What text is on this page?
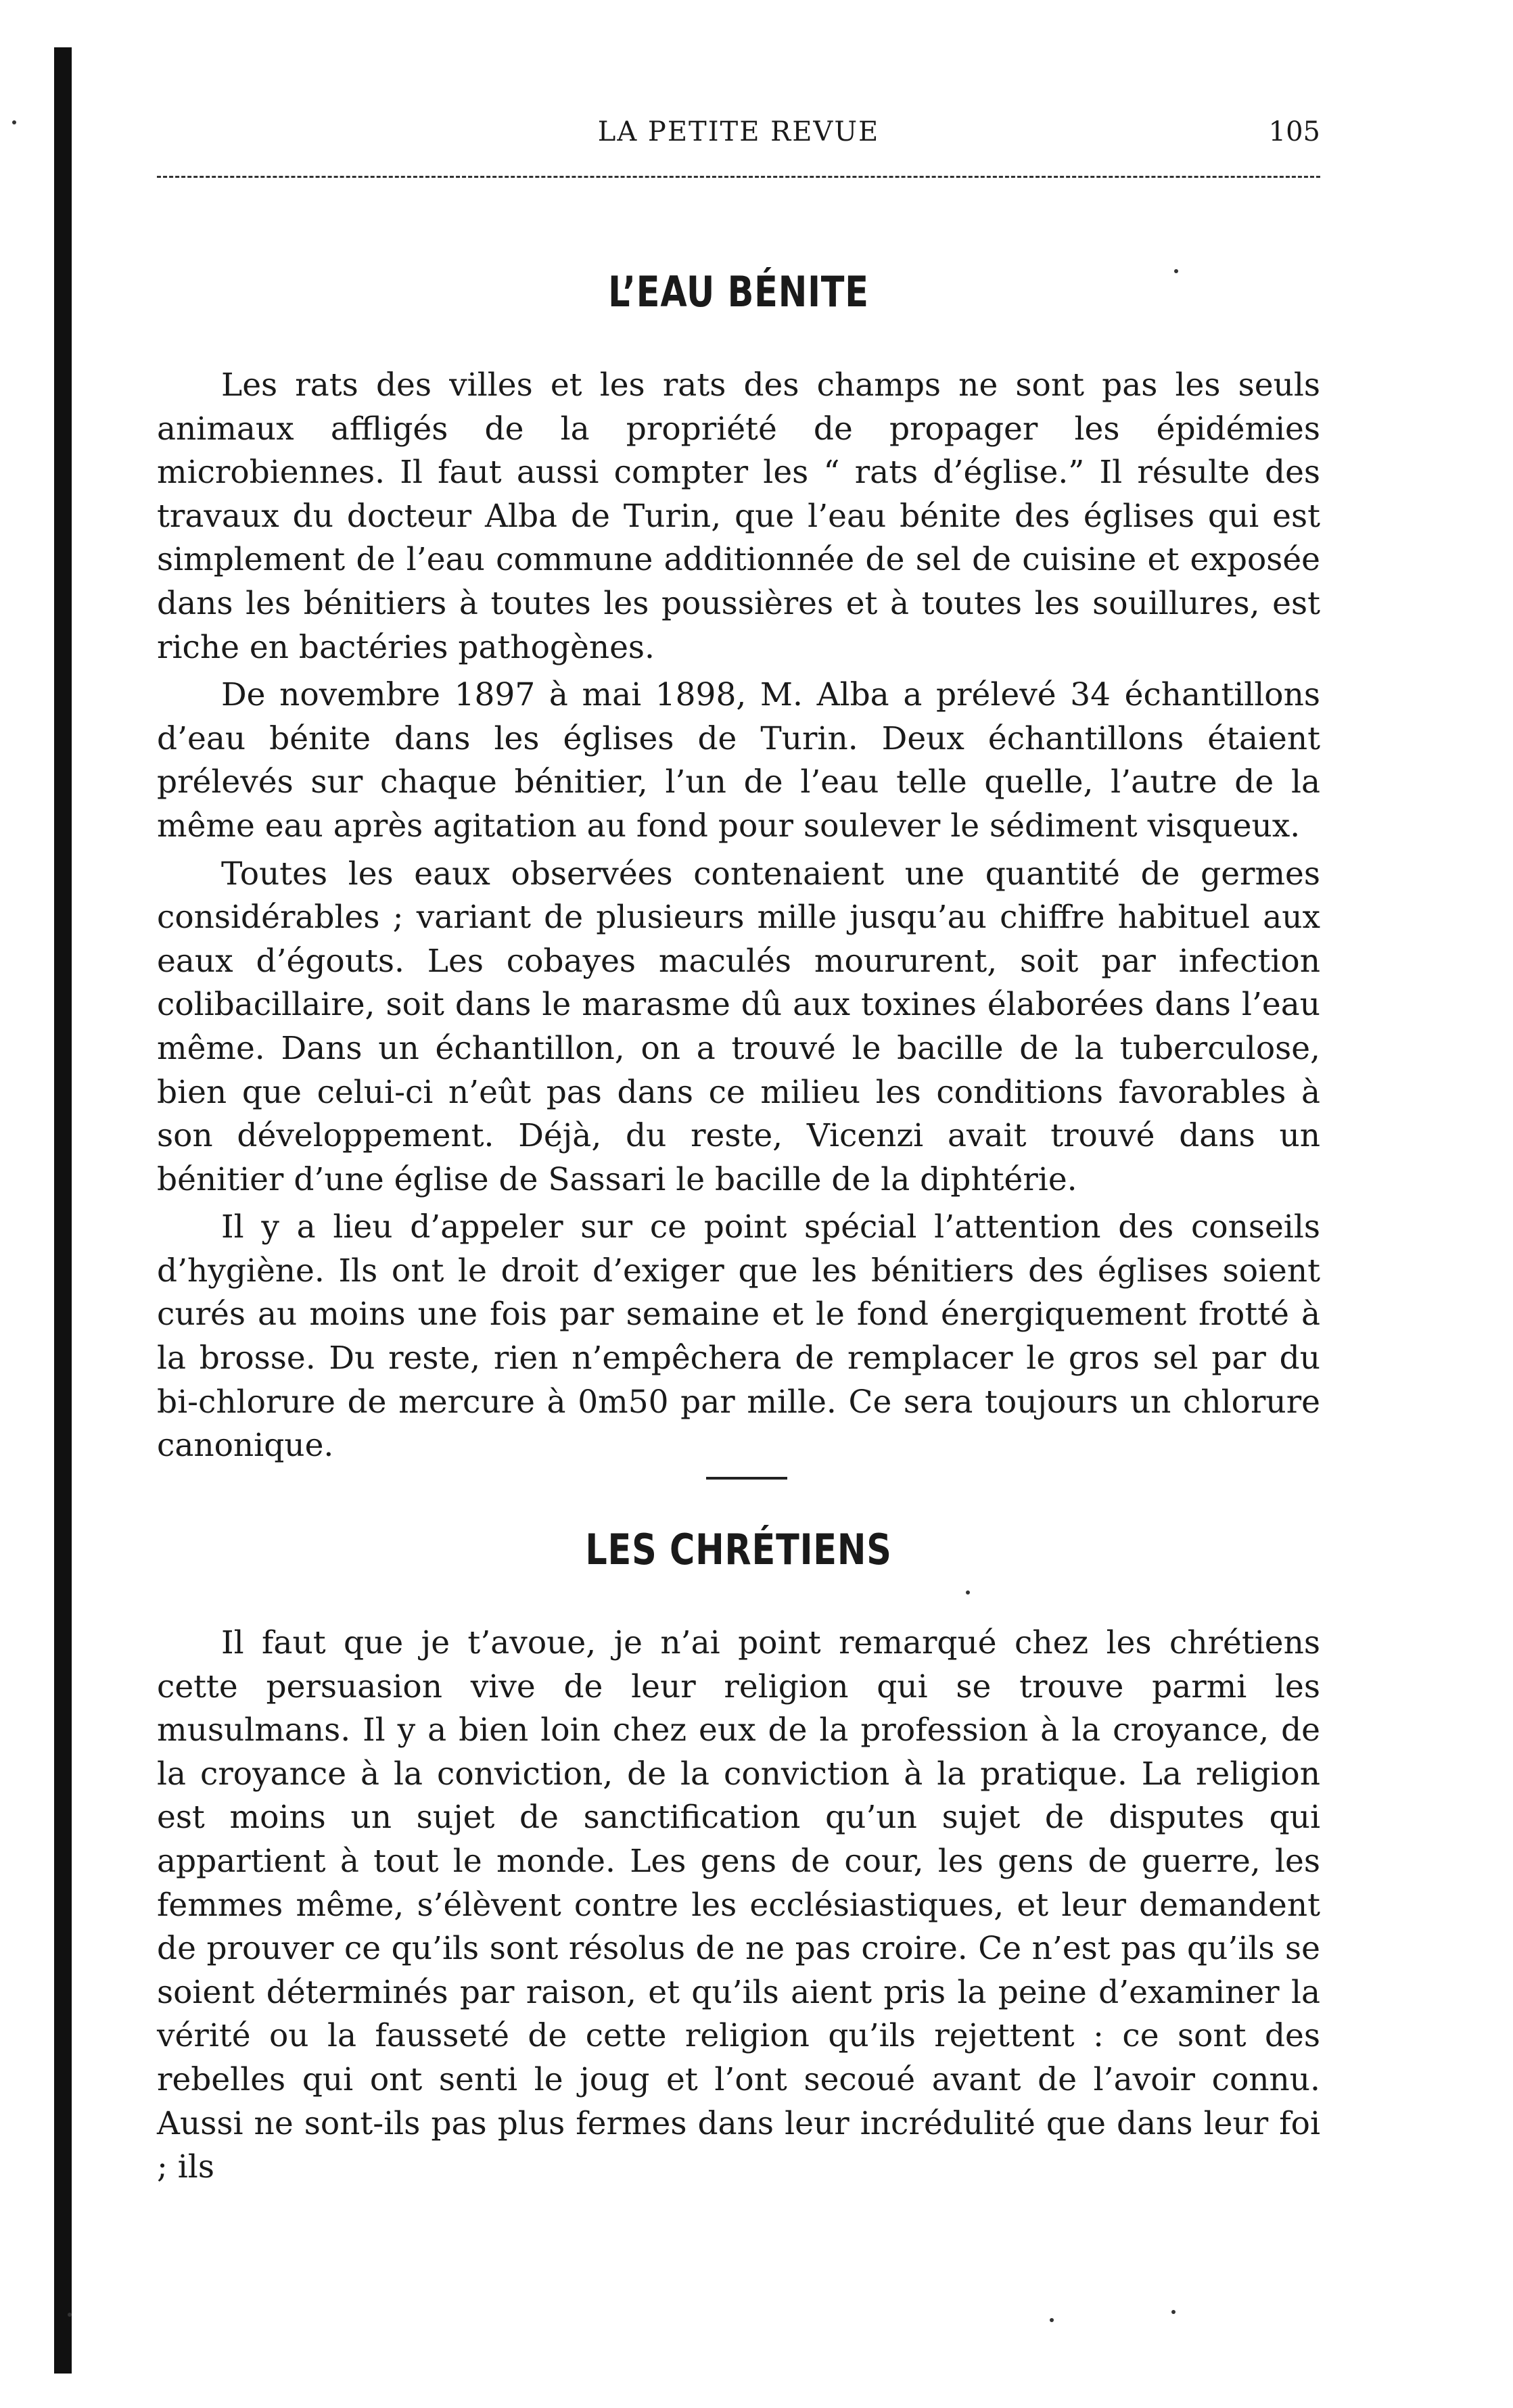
LA PETITE REVUE	105
L’EAU BÉNITE

Les rats des villes et les rats des champs ne sont pas les seuls animaux affligés de la propriété de propager les épidémies microbiennes. Il faut aussi compter les “ rats d’église.” Il résulte des travaux du docteur Alba de Turin, que l’eau bénite des églises qui est simplement de l’eau commune additionnée de sel de cuisine et exposée dans les bénitiers à toutes les poussières et à toutes les souillures, est riche en bactéries pathogènes.

De novembre 1897 à mai 1898, M. Alba a prélevé 34 échantillons d’eau bénite dans les églises de Turin. Deux échantillons étaient prélevés sur chaque bénitier, l’un de l’eau telle quelle, l’autre de la même eau après agitation au fond pour soulever le sédiment visqueux.

Toutes les eaux observées contenaient une quantité de germes considérables ; variant de plusieurs mille jusqu’au chiffre habituel aux eaux d’égouts. Les cobayes maculés moururent, soit par infection colibacillaire, soit dans le marasme dû aux toxines élaborées dans l’eau même. Dans un échantillon, on a trouvé le bacille de la tuberculose, bien que celui-ci n’eût pas dans ce milieu les conditions favorables à son développement. Déjà, du reste, Vicenzi avait trouvé dans un bénitier d’une église de Sassari le bacille de la diphtérie.

Il y a lieu d’appeler sur ce point spécial l’attention des conseils d’hygiène. Ils ont le droit d’exiger que les bénitiers des églises soient curés au moins une fois par semaine et le fond énergiquement frotté à la brosse. Du reste, rien n’empêchera de remplacer le gros sel par du bi-chlorure de mercure à 0m50 par mille. Ce sera toujours un chlorure canonique.

LES CHRÉTIENS

Il faut que je t’avoue, je n’ai point remarqué chez les chrétiens cette persuasion vive de leur religion qui se trouve parmi les musulmans. Il y a bien loin chez eux de la profession à la croyance, de la croyance à la conviction, de la conviction à la pratique. La religion est moins un sujet de sanctification qu’un sujet de disputes qui appartient à tout le monde. Les gens de cour, les gens de guerre, les femmes même, s’élèvent contre les ecclésiastiques, et leur demandent de prouver ce qu’ils sont résolus de ne pas croire. Ce n’est pas qu’ils se soient déterminés par raison, et qu’ils aient pris la peine d’examiner la vérité ou la fausseté de cette religion qu’ils rejettent : ce sont des rebelles qui ont senti le joug et l’ont secoué avant de l’avoir connu. Aussi ne sont-ils pas plus fermes dans leur incrédulité que dans leur foi ; ils
